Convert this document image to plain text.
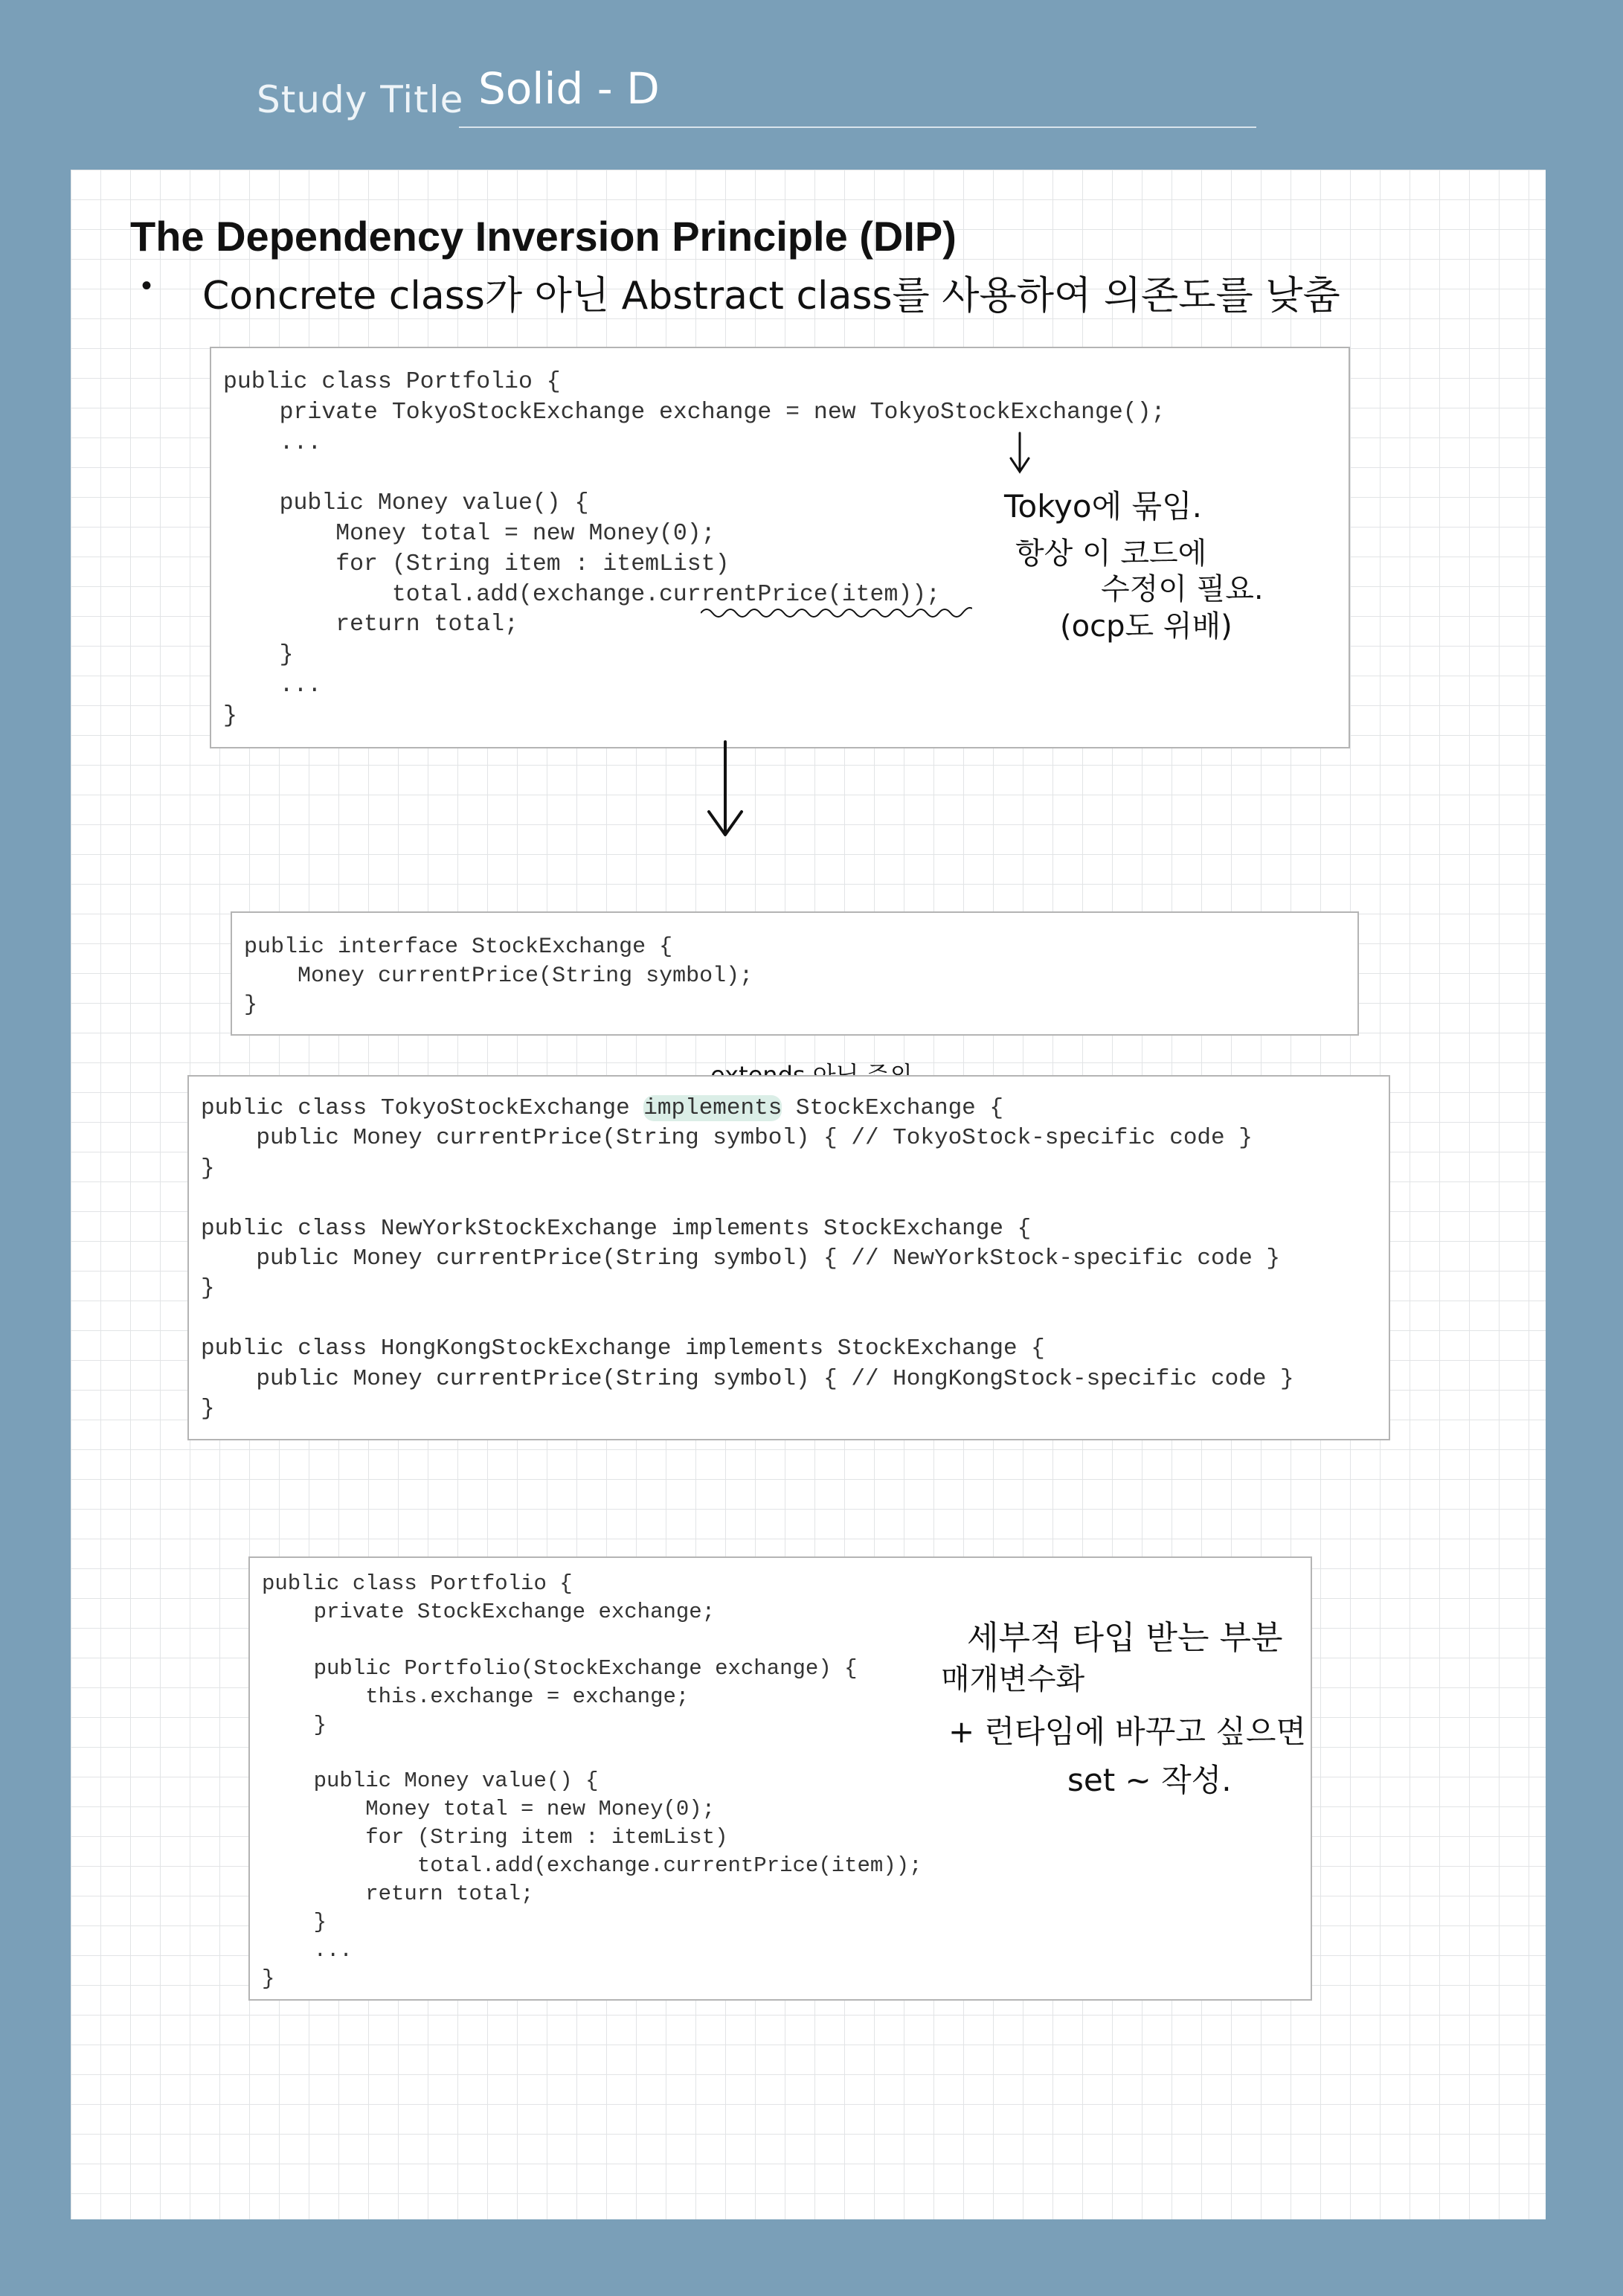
Study Title Solid - D
The Dependency Inversion Principle (DIP)
• Concrete class가 아닌 Abstract class를 사용하여 의존도를 낮춤
public class Portfolio {
private TokyoStockExchange exchange = new TokyoStockExchange();
...

public Money value() {
Money total = new Money(0);
for (String item : itemList)
total.add(exchange.currentPrice(item));
return total;
}
...
}
Tokyo에 묶임.
항상 이 코드에
수정이 필요.
(ocp도 위배)
public interface StockExchange {
Money currentPrice(String symbol);
}
public class TokyoStockExchange implements StockExchange {
public Money currentPrice(String symbol) { // TokyoStock-specific code }
}

public class NewYorkStockExchange implements StockExchange {
public Money currentPrice(String symbol) { // NewYorkStock-specific code }
}

public class HongKongStockExchange implements StockExchange {
public Money currentPrice(String symbol) { // HongKongStock-specific code }
}
public class Portfolio {
private StockExchange exchange;

public Portfolio(StockExchange exchange) {
this.exchange = exchange;
}

public Money value() {
Money total = new Money(0);
for (String item : itemList)
total.add(exchange.currentPrice(item));
return total;
}
...
}
세부적 타입 받는 부분
매개변수화
+ 런타임에 바꾸고 싶으면
set ~ 작성.
